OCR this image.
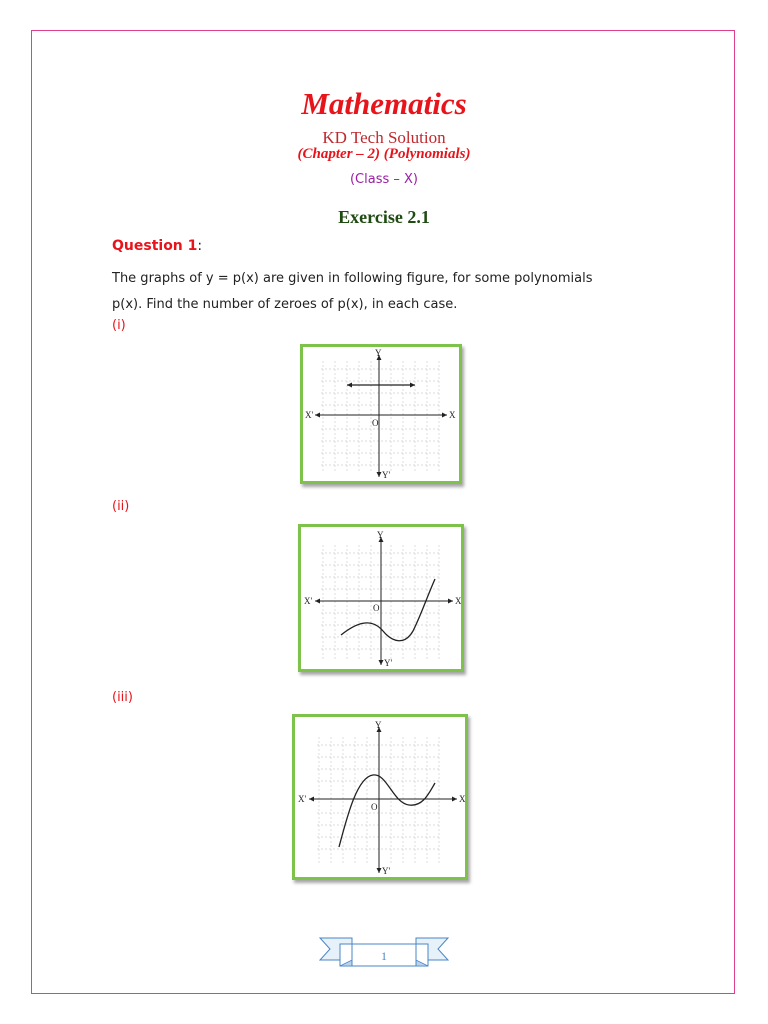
Mathematics
KD Tech Solution
(Chapter – 2) (Polynomials)
(Class – X)
Exercise 2.1
Question 1:
The graphs of y = p(x) are given in following figure, for some polynomials
p(x). Find the number of zeroes of p(x), in each case.
(i)
X
X'
Y
Y'
O
(ii)
X
X'
Y
Y'
O
(iii)
X
X'
Y
Y'
O
1
